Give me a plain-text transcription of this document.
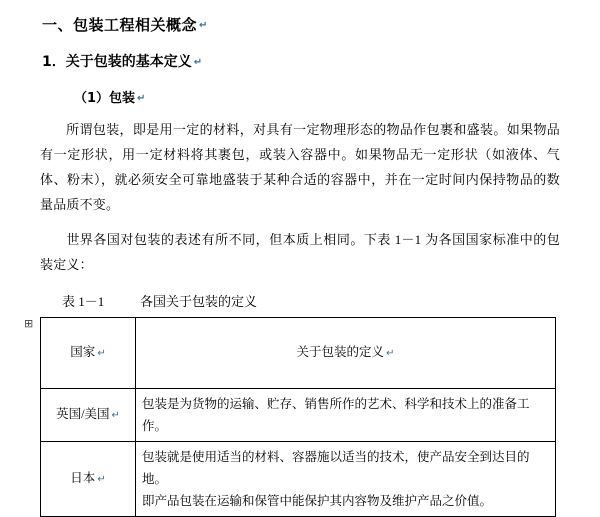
一、包装工程相关概念 ↵
1．关于包装的基本定义 ↵
（1）包装 ↵

所谓包装，即是用一定的材料，对具有一定物理形态的物品作包裹和盛装。如果物品有一定形状，用一定材料将其裹包，或装入容器中。如果物品无一定形状（如液体、气体、粉末），就必须安全可靠地盛装于某种合适的容器中，并在一定时间内保持物品的数量品质不变。

世界各国对包装的表述有所不同，但本质上相同。下表 1－1 为各国国家标准中的包装定义：

表 1－1	各国关于包装的定义
⊞
国家 ↵	关于包装的定义 ↵
英国/美国 ↵	包装是为货物的运输、贮存、销售所作的艺术、科学和技术上的准备工作。

日本 ↵	包装就是使用适当的材料、容器施以适当的技术，使产品安全到达目的地。
即产品包装在运输和保管中能保护其内容物及维护产品之价值。
